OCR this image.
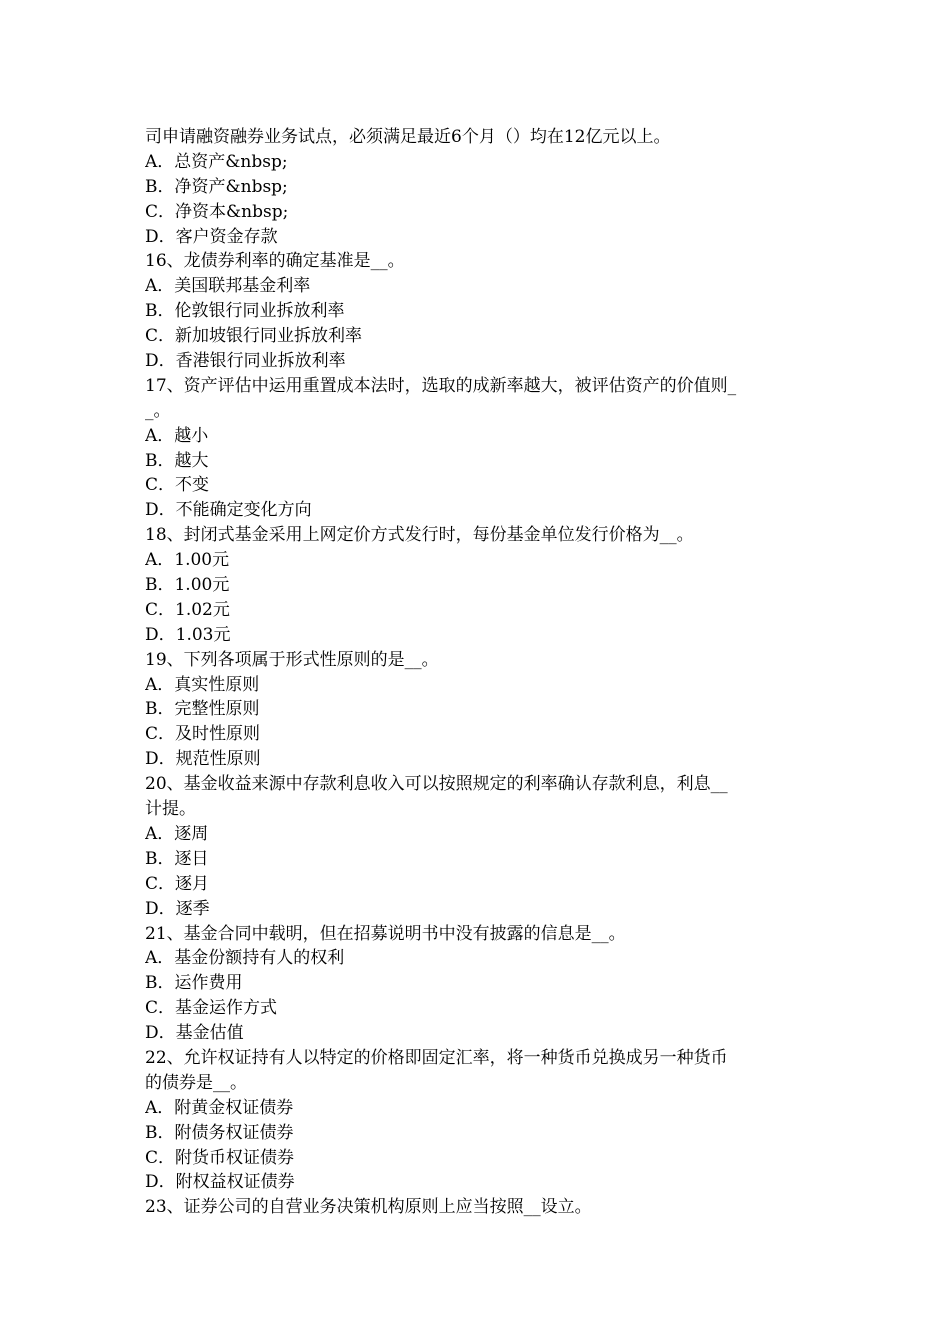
司申请融资融券业务试点，必须满足最近6个月（）均在12亿元以上。
A．总资产&nbsp;
B．净资产&nbsp;
C．净资本&nbsp;
D．客户资金存款
16、龙债券利率的确定基准是__。
A．美国联邦基金利率
B．伦敦银行同业拆放利率
C．新加坡银行同业拆放利率
D．香港银行同业拆放利率
17、资产评估中运用重置成本法时，选取的成新率越大，被评估资产的价值则_
_。
A．越小
B．越大
C．不变
D．不能确定变化方向
18、封闭式基金采用上网定价方式发行时，每份基金单位发行价格为__。
A．1.00元
B．1.00元
C．1.02元
D．1.03元
19、下列各项属于形式性原则的是__。
A．真实性原则
B．完整性原则
C．及时性原则
D．规范性原则
20、基金收益来源中存款利息收入可以按照规定的利率确认存款利息，利息__
计提。
A．逐周
B．逐日
C．逐月
D．逐季
21、基金合同中载明，但在招募说明书中没有披露的信息是__。
A．基金份额持有人的权利
B．运作费用
C．基金运作方式
D．基金估值
22、允许权证持有人以特定的价格即固定汇率，将一种货币兑换成另一种货币
的债券是__。
A．附黄金权证债券
B．附债务权证债券
C．附货币权证债券
D．附权益权证债券
23、证券公司的自营业务决策机构原则上应当按照__设立。
